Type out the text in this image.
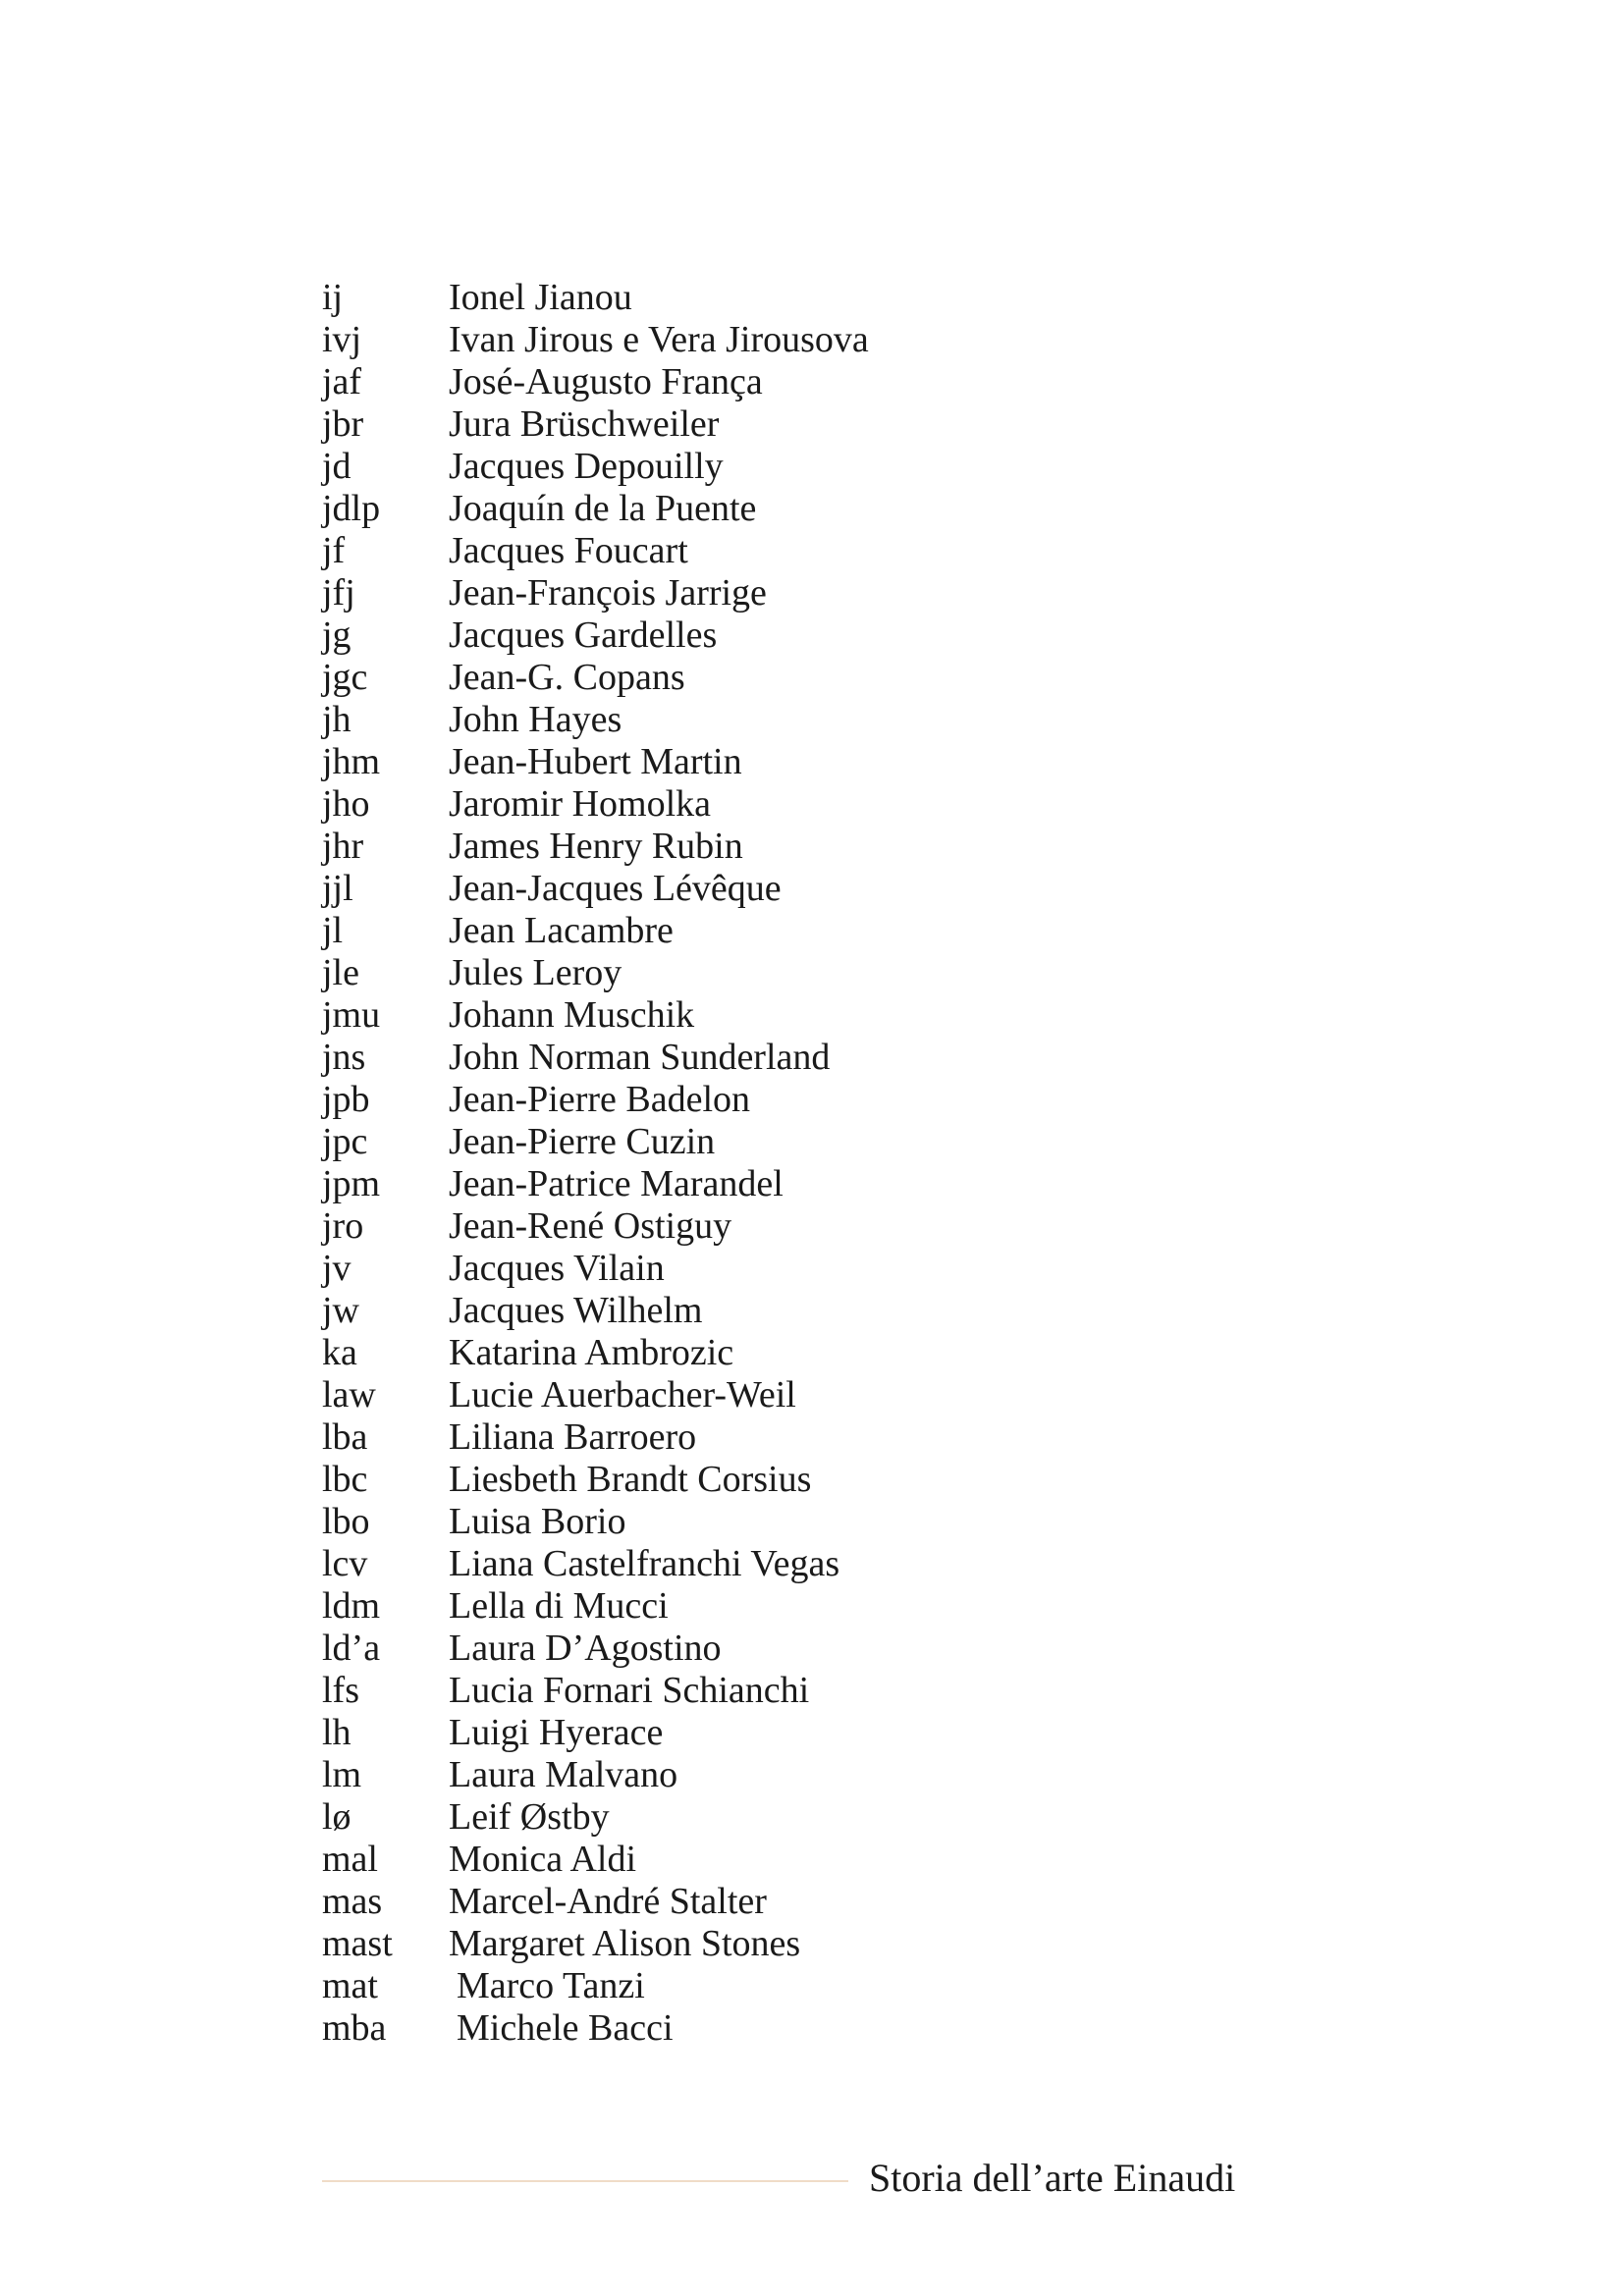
ij	Ionel Jianou
ivj	Ivan Jirous e Vera Jirousova
jaf	José-Augusto França
jbr	Jura Brüschweiler
jd	Jacques Depouilly
jdlp	Joaquín de la Puente
jf	Jacques Foucart
jfj	Jean-François Jarrige
jg	Jacques Gardelles
jgc	Jean-G. Copans
jh	John Hayes
jhm	Jean-Hubert Martin
jho	Jaromir Homolka
jhr	James Henry Rubin
jjl	Jean-Jacques Lévêque
jl	Jean Lacambre
jle	Jules Leroy
jmu	Johann Muschik
jns	John Norman Sunderland
jpb	Jean-Pierre Badelon
jpc	Jean-Pierre Cuzin
jpm	Jean-Patrice Marandel
jro	Jean-René Ostiguy
jv	Jacques Vilain
jw	Jacques Wilhelm
ka	Katarina Ambrozic
law	Lucie Auerbacher-Weil
lba	Liliana Barroero
lbc	Liesbeth Brandt Corsius
lbo	Luisa Borio
lcv	Liana Castelfranchi Vegas
ldm	Lella di Mucci
ld’a	Laura D’Agostino
lfs	Lucia Fornari Schianchi
lh	Luigi Hyerace
lm	Laura Malvano
lø	Leif Østby
mal	Monica Aldi
mas	Marcel-André Stalter
mast	Margaret Alison Stones
mat	Marco Tanzi
mba	Michele Bacci
Storia dell’arte Einaudi
